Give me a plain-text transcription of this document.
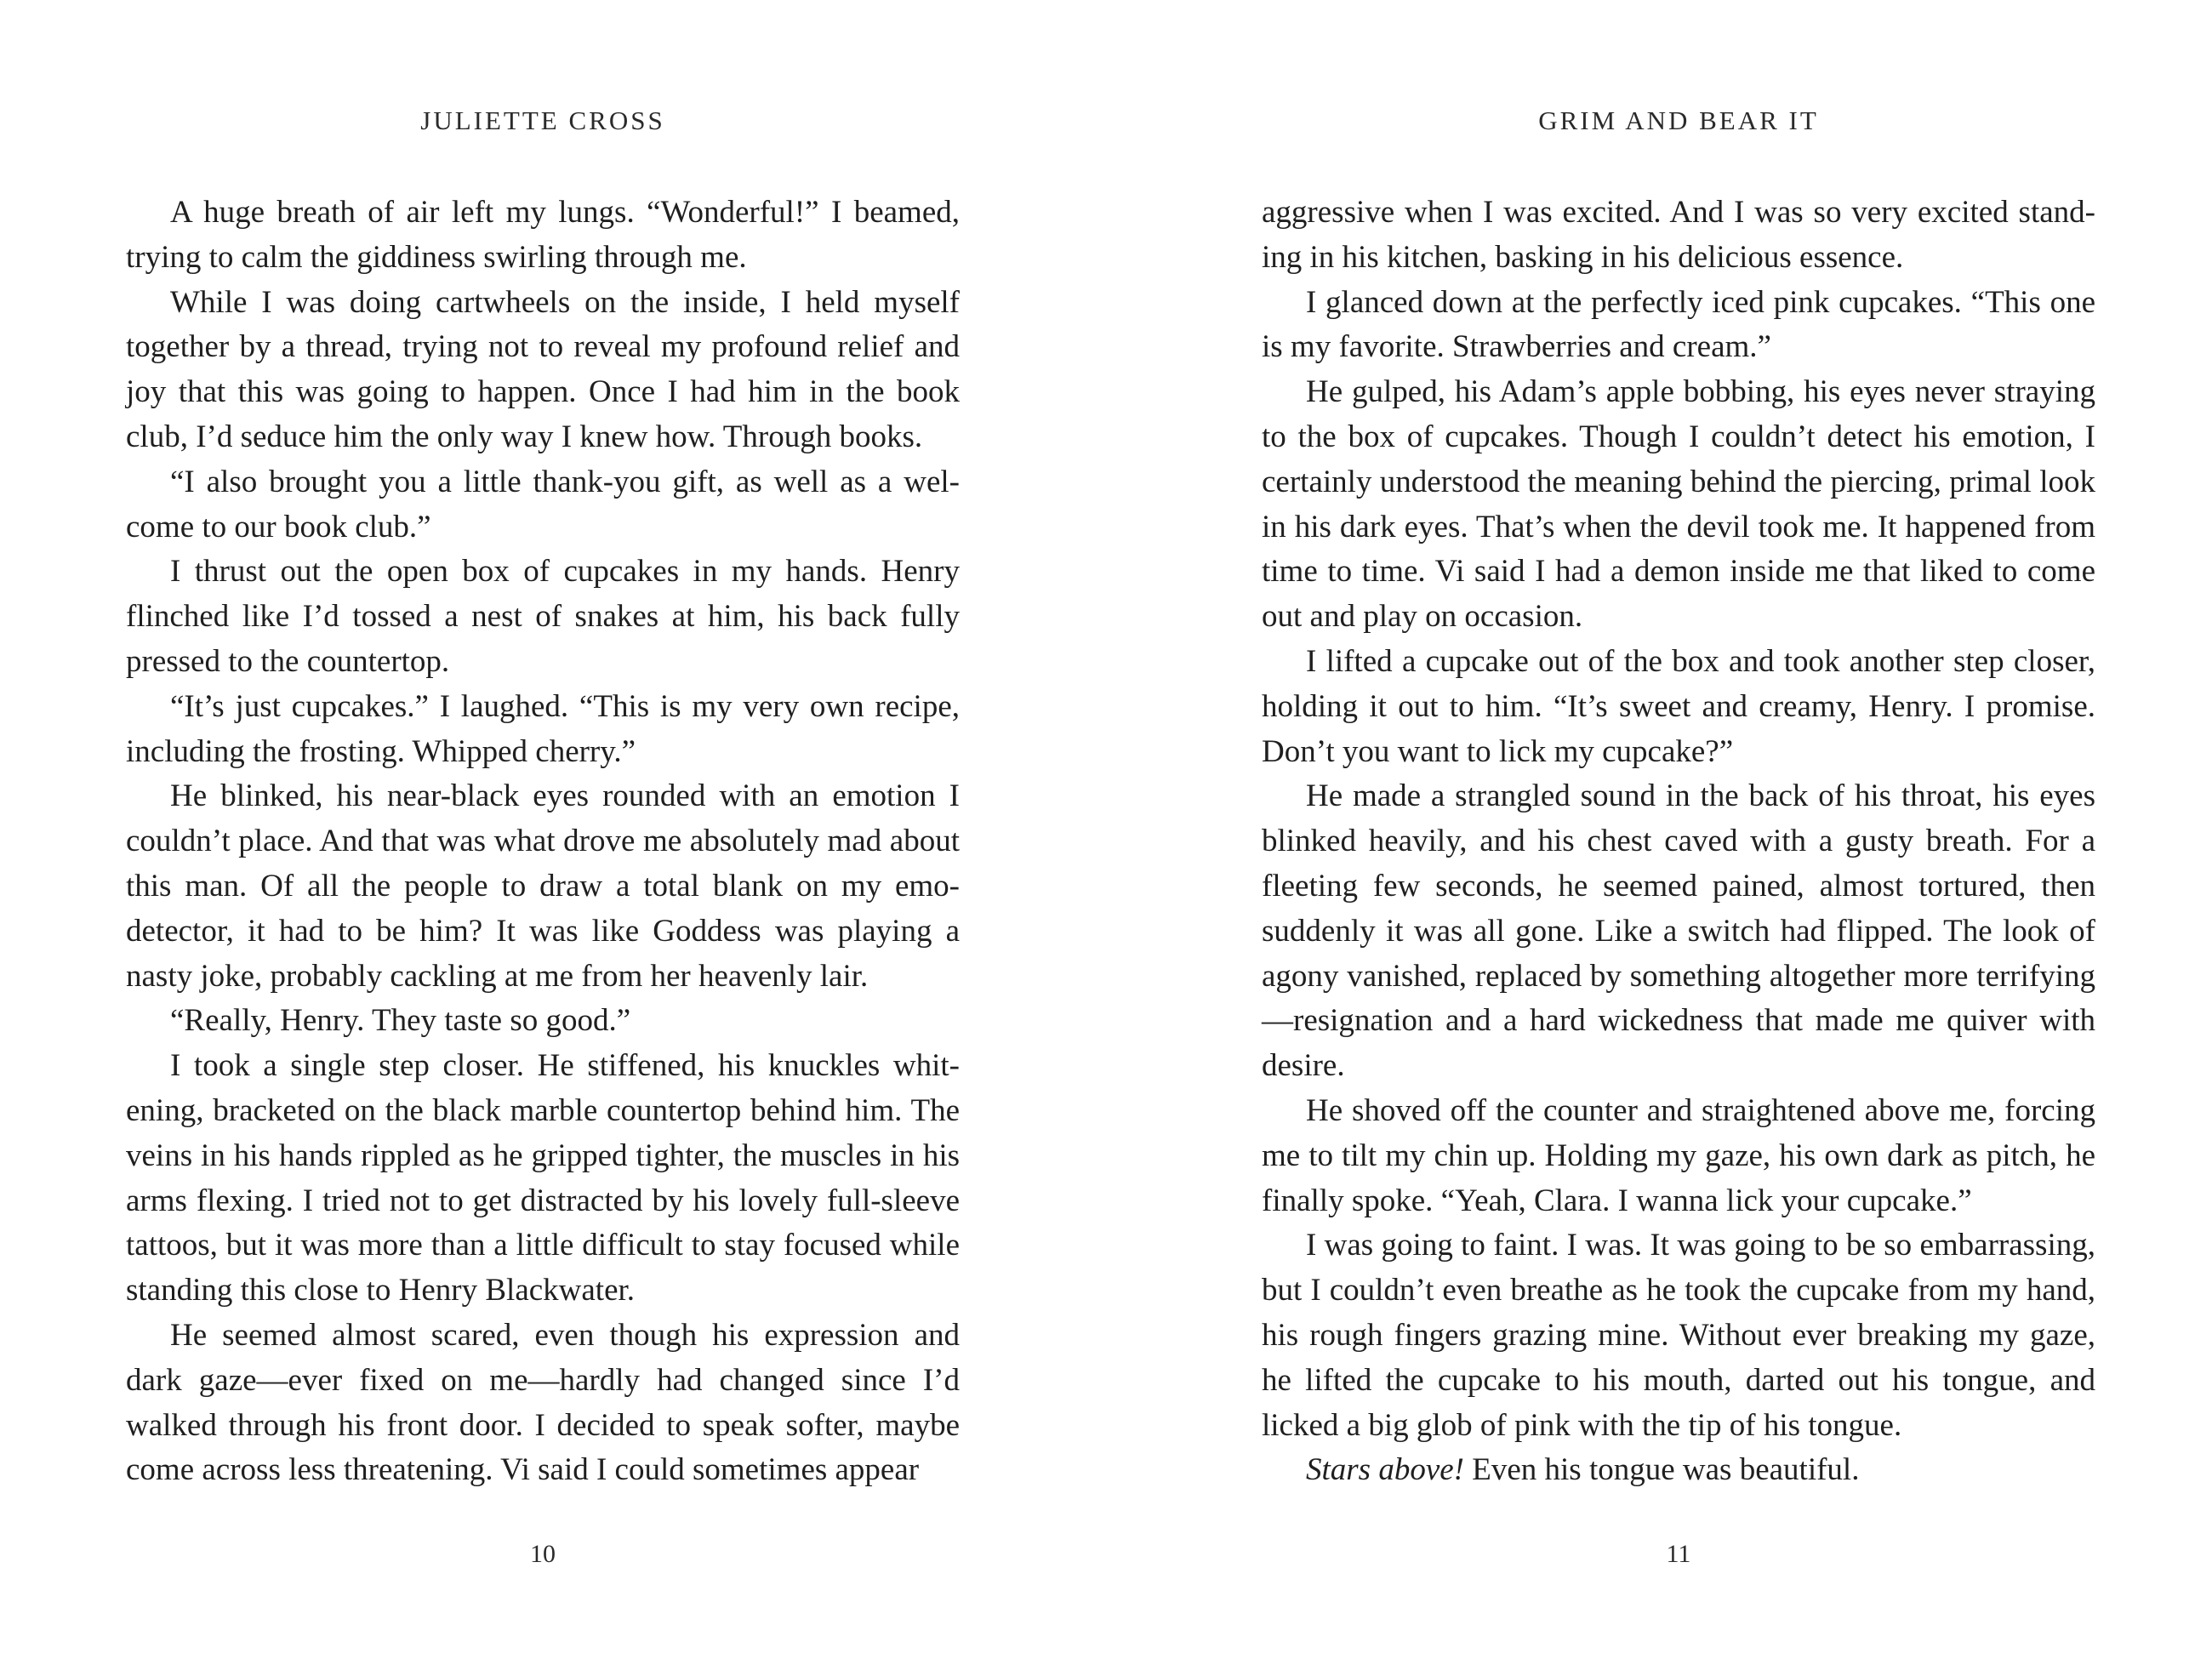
JULIETTE CROSS

A huge breath of air left my lungs. “Wonderful!” I beamed, trying to calm the giddiness swirling through me.

While I was doing cartwheels on the inside, I held myself together by a thread, trying not to reveal my profound relief and joy that this was going to happen. Once I had him in the book club, I’d seduce him the only way I knew how. Through books.

“I also brought you a little thank-you gift, as well as a welcome to our book club.”

I thrust out the open box of cupcakes in my hands. Henry flinched like I’d tossed a nest of snakes at him, his back fully pressed to the countertop.

“It’s just cupcakes.” I laughed. “This is my very own recipe, including the frosting. Whipped cherry.”

He blinked, his near-black eyes rounded with an emotion I couldn’t place. And that was what drove me absolutely mad about this man. Of all the people to draw a total blank on my emo-detector, it had to be him? It was like Goddess was playing a nasty joke, probably cackling at me from her heavenly lair.

“Really, Henry. They taste so good.”

I took a single step closer. He stiffened, his knuckles whitening, bracketed on the black marble countertop behind him. The veins in his hands rippled as he gripped tighter, the muscles in his arms flexing. I tried not to get distracted by his lovely full-sleeve tattoos, but it was more than a little difficult to stay focused while standing this close to Henry Blackwater.

He seemed almost scared, even though his expression and dark gaze—ever fixed on me—hardly had changed since I’d walked through his front door. I decided to speak softer, maybe come across less threatening. Vi said I could sometimes appear

10
GRIM AND BEAR IT

aggressive when I was excited. And I was so very excited standing in his kitchen, basking in his delicious essence.

I glanced down at the perfectly iced pink cupcakes. “This one is my favorite. Strawberries and cream.”

He gulped, his Adam’s apple bobbing, his eyes never straying to the box of cupcakes. Though I couldn’t detect his emotion, I certainly understood the meaning behind the piercing, primal look in his dark eyes. That’s when the devil took me. It happened from time to time. Vi said I had a demon inside me that liked to come out and play on occasion.

I lifted a cupcake out of the box and took another step closer, holding it out to him. “It’s sweet and creamy, Henry. I promise. Don’t you want to lick my cupcake?”

He made a strangled sound in the back of his throat, his eyes blinked heavily, and his chest caved with a gusty breath. For a fleeting few seconds, he seemed pained, almost tortured, then suddenly it was all gone. Like a switch had flipped. The look of agony vanished, replaced by something altogether more terrifying—resignation and a hard wickedness that made me quiver with desire.

He shoved off the counter and straightened above me, forcing me to tilt my chin up. Holding my gaze, his own dark as pitch, he finally spoke. “Yeah, Clara. I wanna lick your cupcake.”

I was going to faint. I was. It was going to be so embarrassing, but I couldn’t even breathe as he took the cupcake from my hand, his rough fingers grazing mine. Without ever breaking my gaze, he lifted the cupcake to his mouth, darted out his tongue, and licked a big glob of pink with the tip of his tongue.

Stars above! Even his tongue was beautiful.

11
